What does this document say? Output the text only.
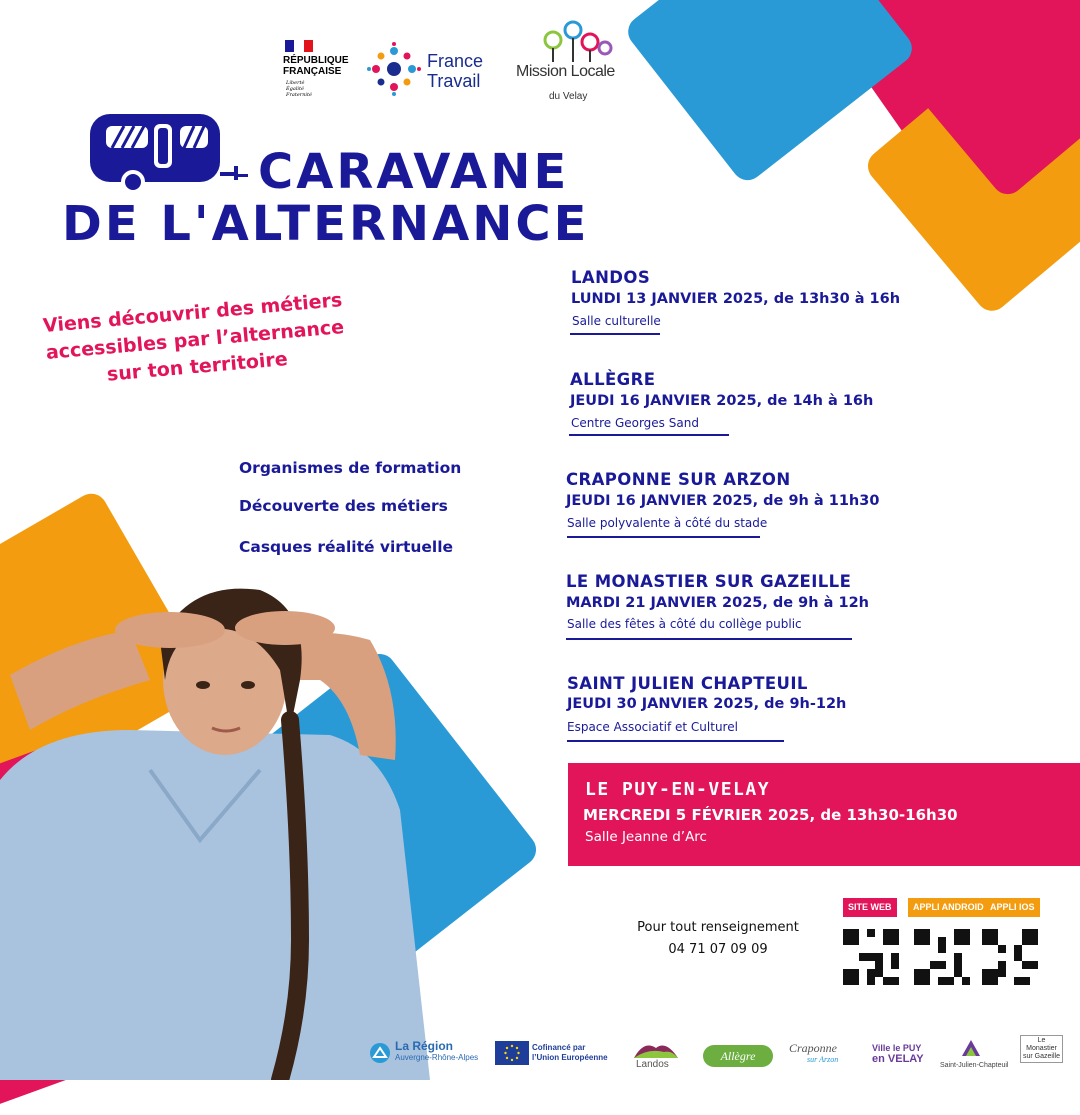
RÉPUBLIQUE
FRANÇAISE
Liberté
Égalité
Fraternité
France
Travail Mission Locale
du Velay
CARAVANE
DE L'ALTERNANCE
Viens découvrir des métiers accessibles par l’alternance sur ton territoire
Organismes de formation
Découverte des métiers
Casques réalité virtuelle
LANDOS
LUNDI 13 JANVIER 2025, de 13h30 à 16h
Salle culturelle
ALLÈGRE
JEUDI 16 JANVIER 2025, de 14h à 16h
Centre Georges Sand
CRAPONNE SUR ARZON
JEUDI 16 JANVIER 2025, de 9h à 11h30
Salle polyvalente à côté du stade
LE MONASTIER SUR GAZEILLE
MARDI 21 JANVIER 2025, de 9h à 12h
Salle des fêtes à côté du collège public
SAINT JULIEN CHAPTEUIL
JEUDI 30 JANVIER 2025, de 9h-12h
Espace Associatif et Culturel
LE PUY-EN-VELAY
MERCREDI 5 FÉVRIER 2025, de 13h30-16h30
Salle Jeanne d’Arc
Pour tout renseignement
04 71 07 09 09
SITE WEB	APPLI ANDROID APPLI IOS
La Région
Auvergne-Rhône-Alpes
Cofinancé par
l’Union Européenne
Landos
Allègre
Craponne
sur Arzon
Ville le PUY
en VELAY
Saint-Julien-Chapteuil
Le
Monastier
sur Gazeille
